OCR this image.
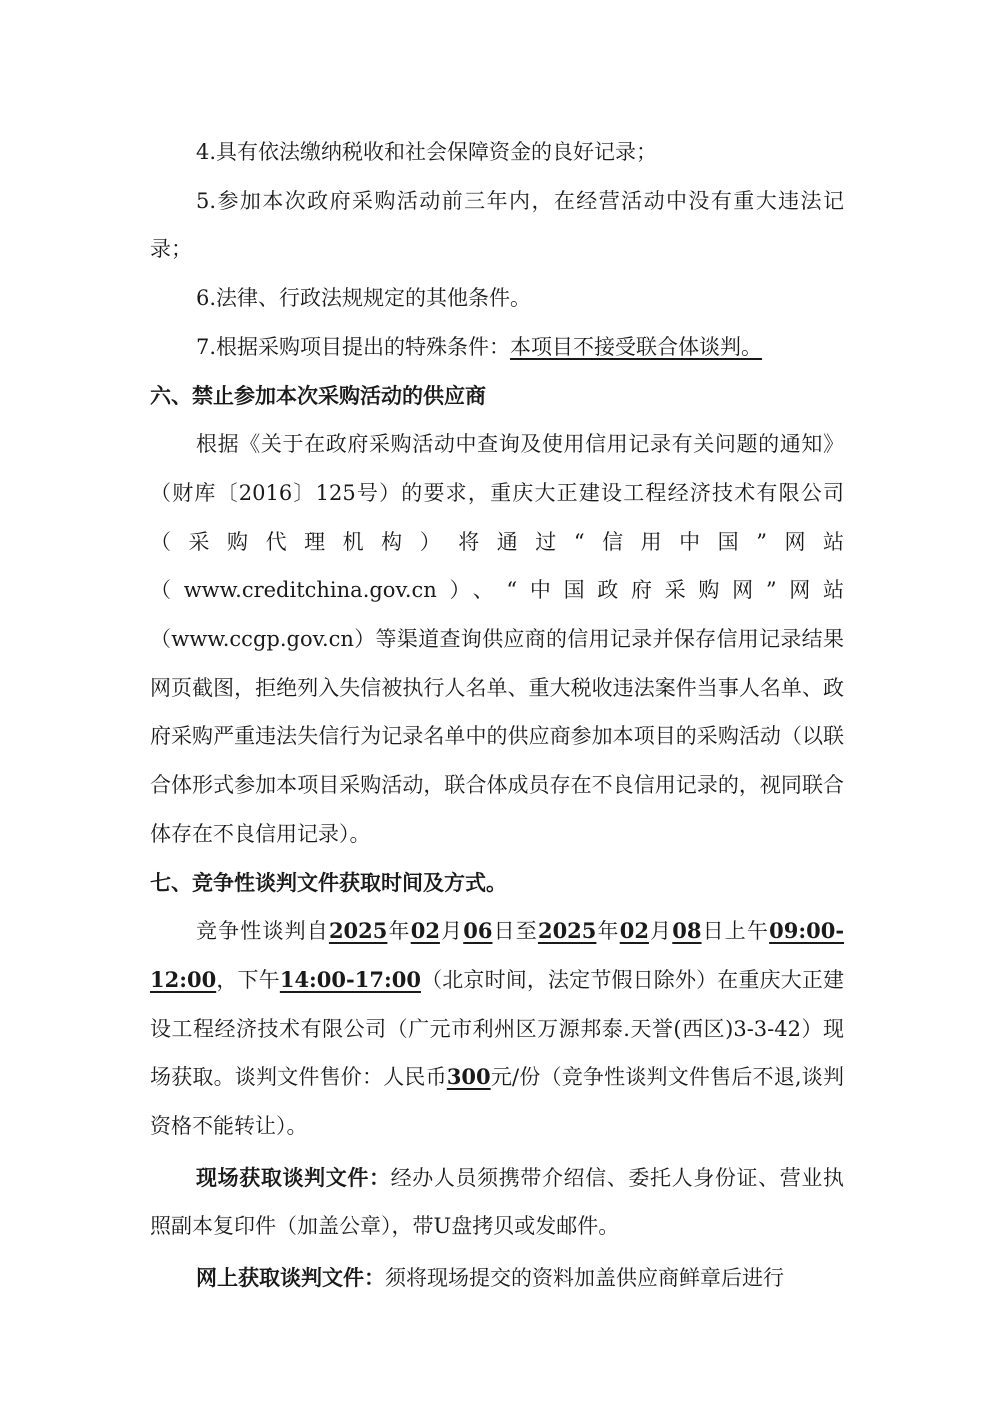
4.具有依法缴纳税收和社会保障资金的良好记录；

5.参加本次政府采购活动前三年内，在经营活动中没有重大违法记录；

6.法律、行政法规规定的其他条件。

7.根据采购项目提出的特殊条件：本项目不接受联合体谈判。

六、禁止参加本次采购活动的供应商

根据《关于在政府采购活动中查询及使用信用记录有关问题的通知》（财库〔2016〕125号）的要求，重庆大正建设工程经济技术有限公司（采购代理机构）将通过“信用中国”网站（www.creditchina.gov.cn）、“中国政府采购网”网站（www.ccgp.gov.cn）等渠道查询供应商的信用记录并保存信用记录结果网页截图，拒绝列入失信被执行人名单、重大税收违法案件当事人名单、政府采购严重违法失信行为记录名单中的供应商参加本项目的采购活动（以联合体形式参加本项目采购活动，联合体成员存在不良信用记录的，视同联合体存在不良信用记录）。

七、竞争性谈判文件获取时间及方式。

竞争性谈判自2025年02月06日至2025年02月08日上午09:00-12:00，下午14:00-17:00（北京时间，法定节假日除外）在重庆大正建设工程经济技术有限公司（广元市利州区万源邦泰.天誉(西区)3-3-42）现场获取。谈判文件售价：人民币300元/份（竞争性谈判文件售后不退,谈判资格不能转让）。

现场获取谈判文件：经办人员须携带介绍信、委托人身份证、营业执照副本复印件（加盖公章），带U盘拷贝或发邮件。

网上获取谈判文件：须将现场提交的资料加盖供应商鲜章后进行
